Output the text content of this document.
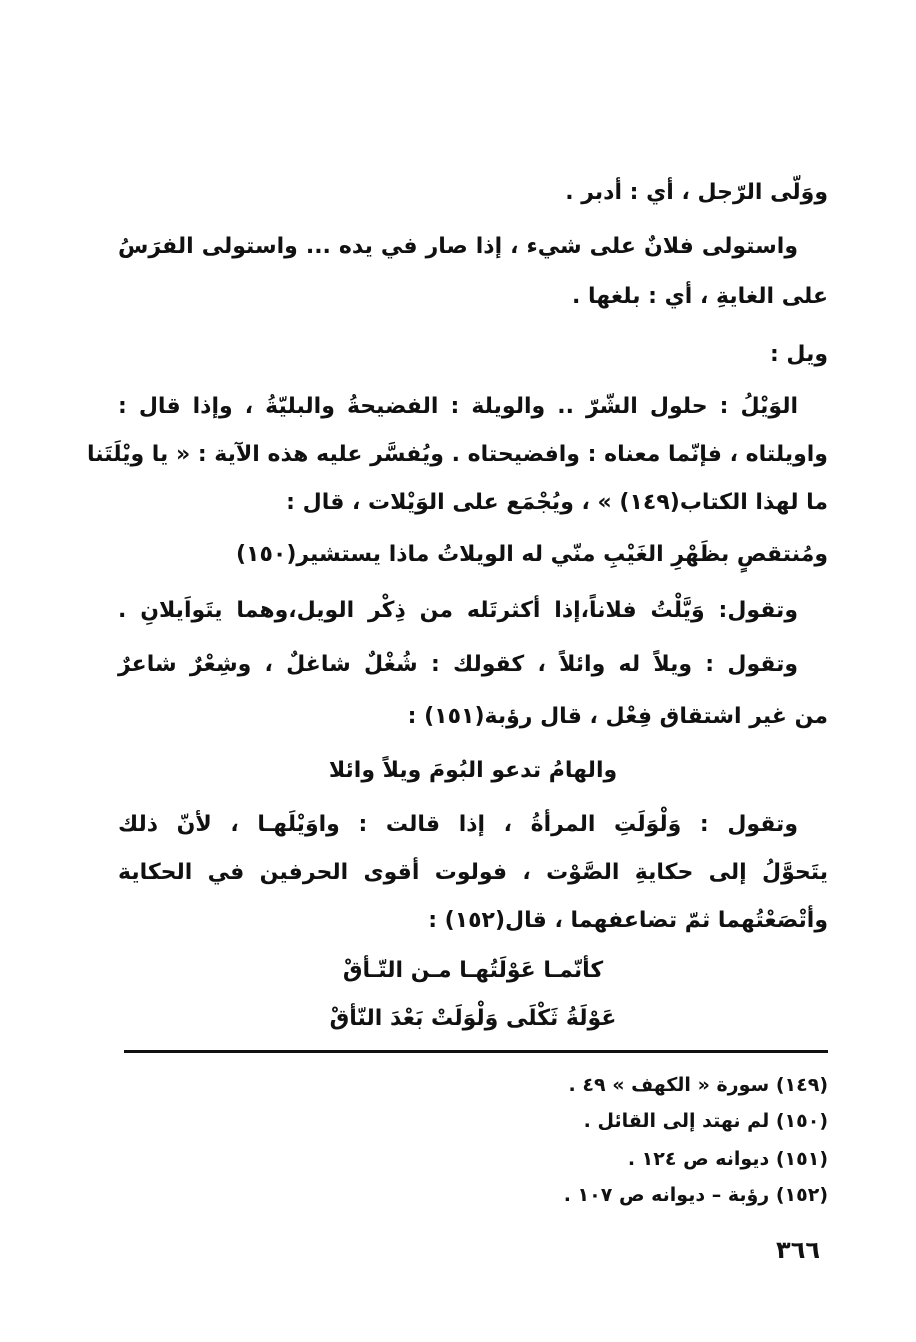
ووَلّى الرّجل ، أي : أدبر .
واستولى فلانٌ على شيء ، إذا صار في يده ... واستولى الفرَسُ
على الغايةِ ، أي : بلغها .
ويل :
الوَيْلُ : حلول الشّرّ .. والويلة : الفضيحةُ والبليّةُ ، وإذا قال :
واويلتاه ، فإنّما معناه : وافضيحتاه . ويُفسَّر عليه هذه الآية : « يا ويْلَتَنا
ما لهذا الكتاب(١٤٩) » ، ويُجْمَع على الوَيْلات ، قال :
ومُنتقصٍ بظَهْرِ الغَيْبِ منّي له الويلاتُ ماذا يستشير(١٥٠)
وتقول: وَيَّلْتُ فلاناً،إذا أكثرتَله من ذِكْر الويل،وهما يتَواَيلانِ .
وتقول : ويلاً له وائلاً ، كقولك : شُغْلٌ شاغلٌ ، وشِعْرٌ شاعرٌ
من غير اشتقاق فِعْل ، قال رؤبة(١٥١) :
والهامُ تدعو البُومَ ويلاً وائلا
وتقول : وَلْوَلَتِ المرأةُ ، إذا قالت : واوَيْلَهـا ، لأنّ ذلك
يتَحوَّلُ إلى حكايةِ الصَّوْت ، فولوت أقوى الحرفين في الحكاية
وأتْصَعْتُهما ثمّ تضاعفهما ، قال(١٥٢) :
كأنّمـا عَوْلَتُهـا مـن التّـأقْ
عَوْلَةُ ثَكْلَى وَلْوَلَتْ بَعْدَ النّأقْ
(١٤٩) سورة « الكهف » ٤٩ .
(١٥٠) لم نهتد إلى القائل .
(١٥١) ديوانه ص ١٢٤ .
(١٥٢) رؤبة – ديوانه ص ١٠٧ .
٣٦٦
